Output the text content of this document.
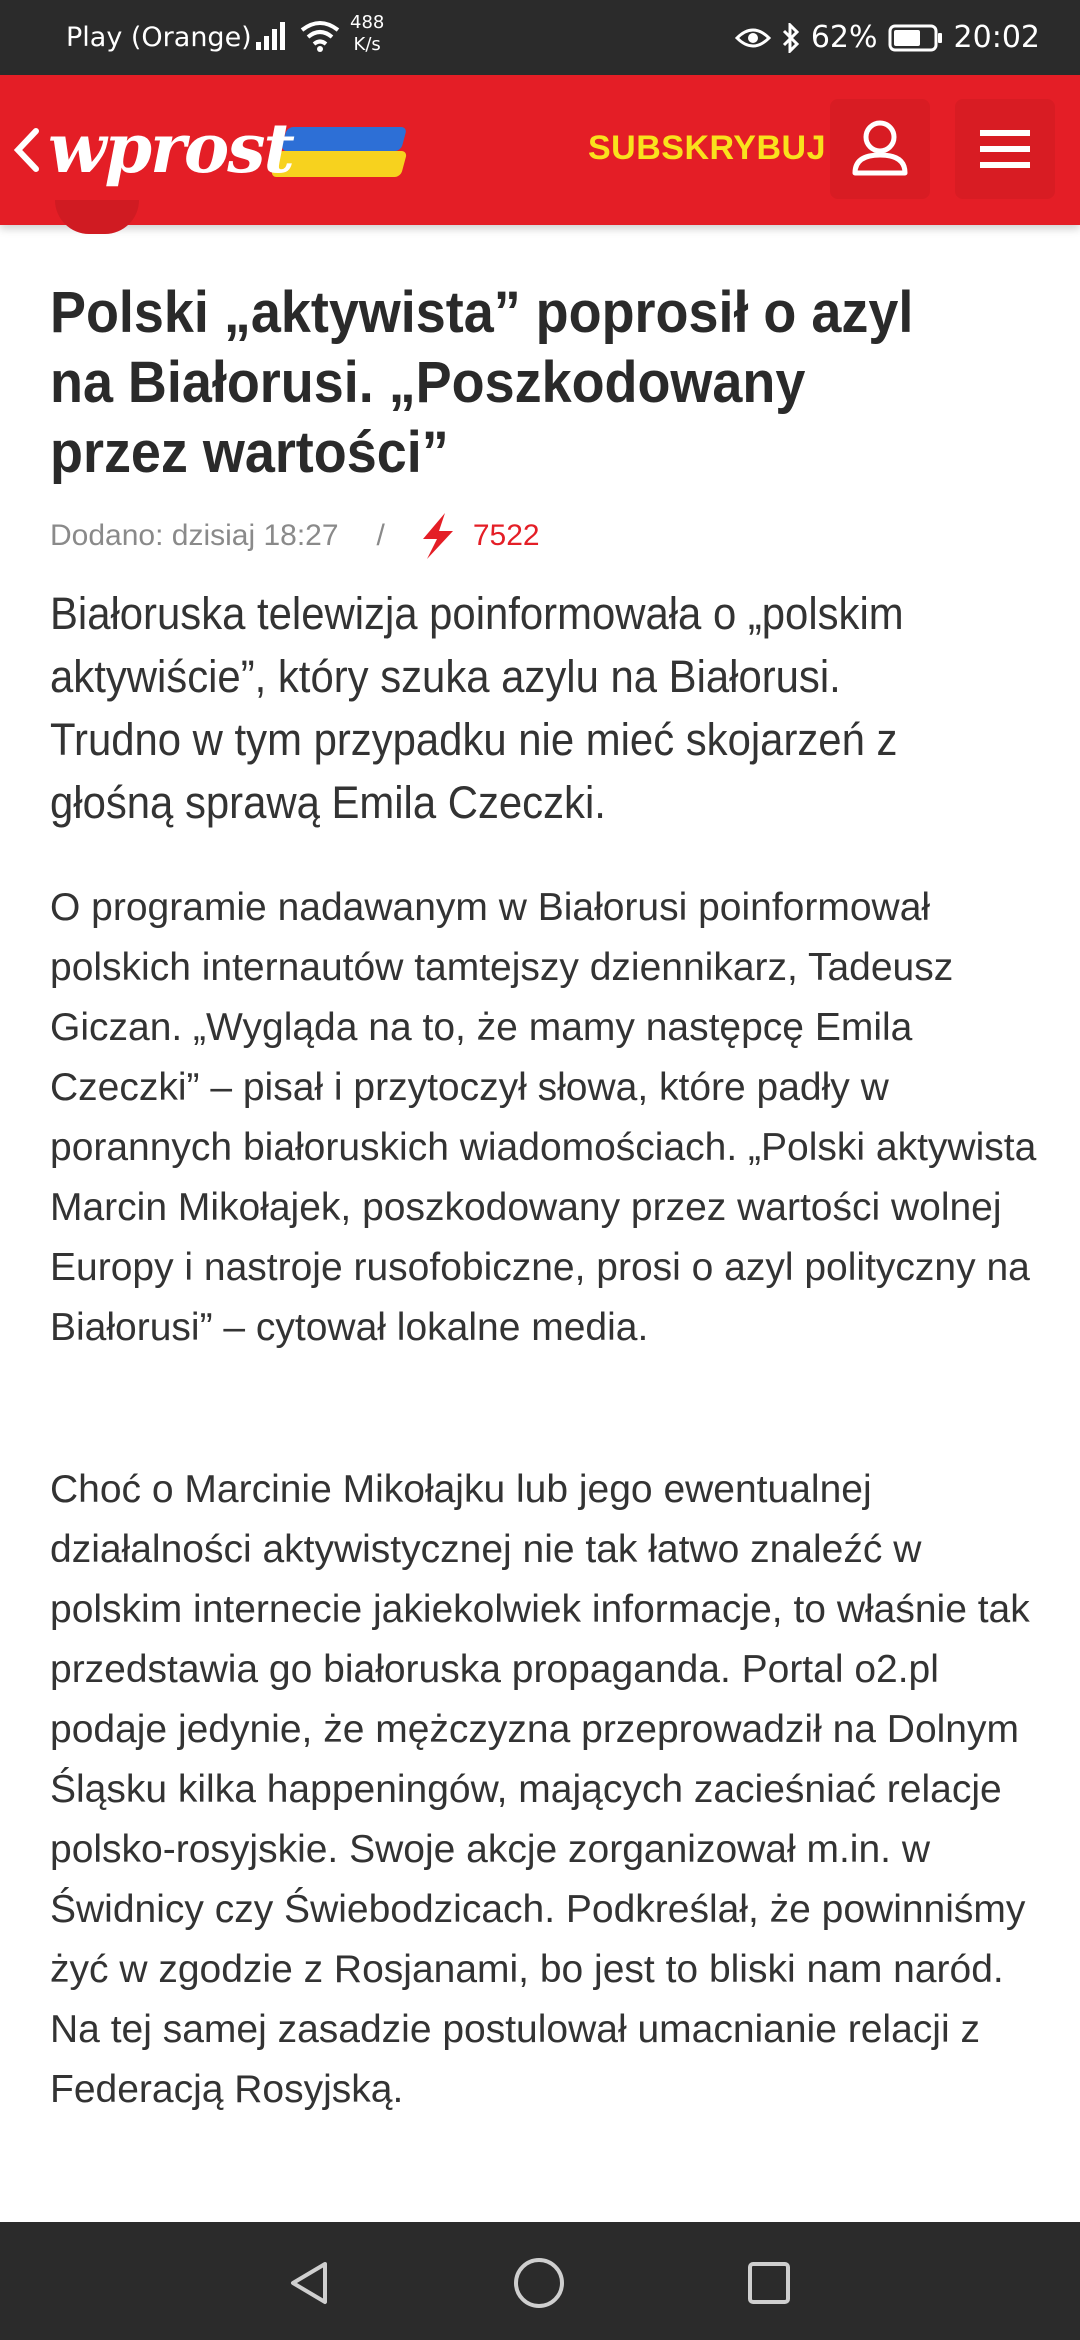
Play (Orange)	488
K/s	62%	20:02
wprost	SUBSKRYBUJ
Polski „aktywista” poprosił o azyl na Białorusi. „Poszkodowany przez wartości”
Dodano: dzisiaj 18:27 /	7522

Białoruska telewizja poinformowała o „polskim aktywiście”, który szuka azylu na Białorusi. Trudno w tym przypadku nie mieć skojarzeń z głośną sprawą Emila Czeczki.

O programie nadawanym w Białorusi poinformował polskich internautów tamtejszy dziennikarz, Tadeusz Giczan. „Wygląda na to, że mamy następcę Emila Czeczki” – pisał i przytoczył słowa, które padły w porannych białoruskich wiadomościach. „Polski aktywista Marcin Mikołajek, poszkodowany przez wartości wolnej Europy i nastroje rusofobiczne, prosi o azyl polityczny na Białorusi” – cytował lokalne media.

Choć o Marcinie Mikołajku lub jego ewentualnej działalności aktywistycznej nie tak łatwo znaleźć w polskim internecie jakiekolwiek informacje, to właśnie tak przedstawia go białoruska propaganda. Portal o2.pl podaje jedynie, że mężczyzna przeprowadził na Dolnym Śląsku kilka happeningów, mających zacieśniać relacje polsko-rosyjskie. Swoje akcje zorganizował m.in. w Świdnicy czy Świebodzicach. Podkreślał, że powinniśmy żyć w zgodzie z Rosjanami, bo jest to bliski nam naród. Na tej samej zasadzie postulował umacnianie relacji z Federacją Rosyjską.
